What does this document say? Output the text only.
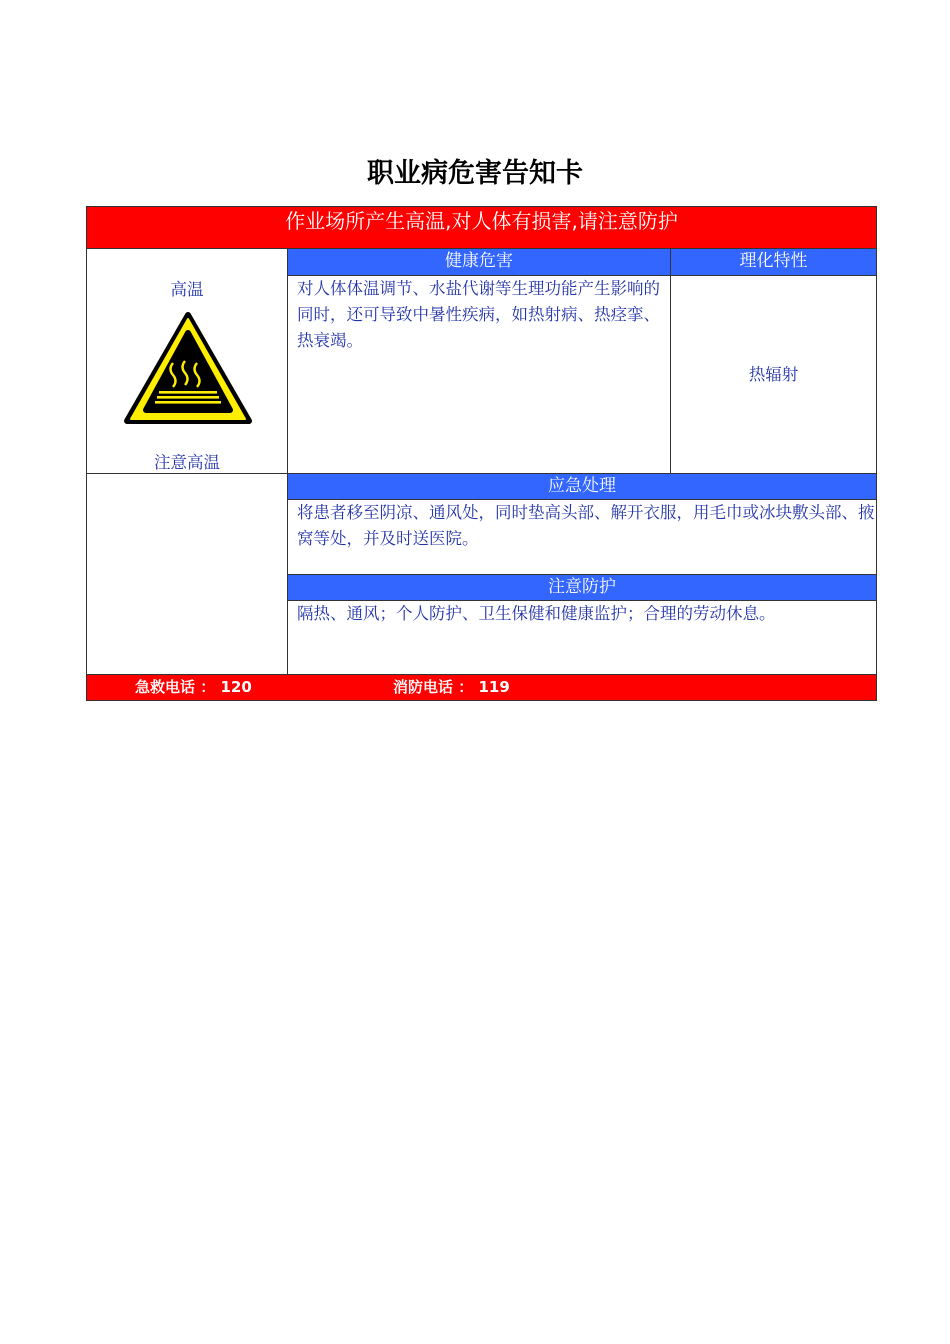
职业病危害告知卡
作业场所产生高温,对人体有损害,请注意防护
高温
注意高温
健康危害	理化特性
对人体体温调节、水盐代谢等生理功能产生影响的同时，还可导致中暑性疾病，如热射病、热痉挛、热衰竭。
热辐射
应急处理
将患者移至阴凉、通风处，同时垫高头部、解开衣服，用毛巾或冰块敷头部、掖窝等处，并及时送医院。
注意防护
隔热、通风；个人防护、卫生保健和健康监护；合理的劳动休息。
急救电话 ： 120	消防电话 ： 119
